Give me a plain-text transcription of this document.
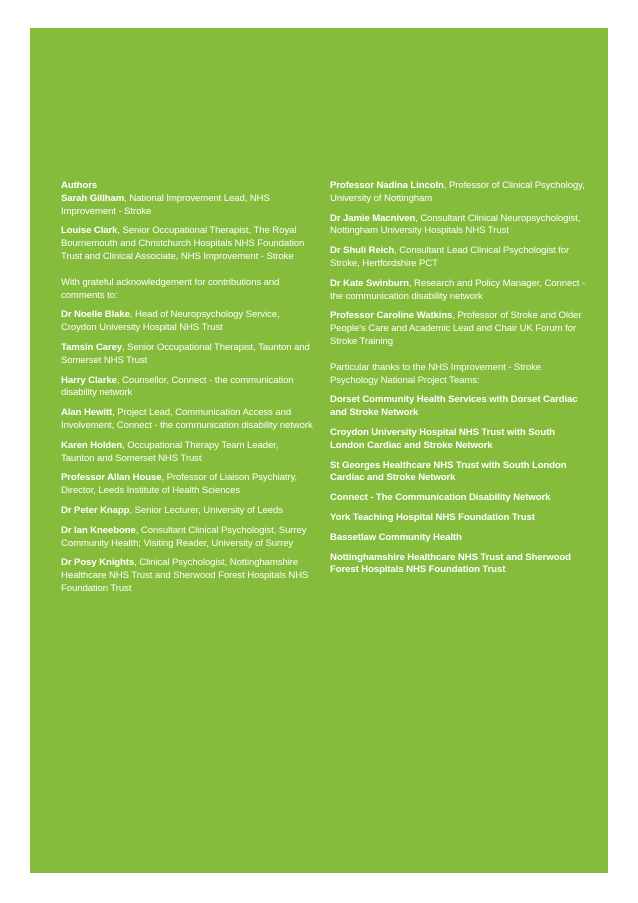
Authors
Sarah Gillham, National Improvement Lead, NHS Improvement - Stroke

Louise Clark, Senior Occupational Therapist, The Royal Bournemouth and Christchurch Hospitals NHS Foundation Trust and Clinical Associate, NHS Improvement - Stroke

With grateful acknowledgement for contributions and comments to:

Dr Noelle Blake, Head of Neuropsychology Service, Croydon University Hospital NHS Trust

Tamsin Carey, Senior Occupational Therapist, Taunton and Somerset NHS Trust

Harry Clarke, Counsellor, Connect - the communication disability network

Alan Hewitt, Project Lead, Communication Access and Involvement, Connect - the communication disability network

Karen Holden, Occupational Therapy Team Leader, Taunton and Somerset NHS Trust

Professor Allan House, Professor of Liaison Psychiatry, Director, Leeds Institute of Health Sciences

Dr Peter Knapp, Senior Lecturer, University of Leeds

Dr Ian Kneebone, Consultant Clinical Psychologist, Surrey Community Health; Visiting Reader, University of Surrey

Dr Posy Knights, Clinical Psychologist, Nottinghamshire Healthcare NHS Trust and Sherwood Forest Hospitals NHS Foundation Trust

Professor Nadina Lincoln, Professor of Clinical Psychology, University of Nottingham

Dr Jamie Macniven, Consultant Clinical Neuropsychologist, Nottingham University Hospitals NHS Trust

Dr Shuli Reich, Consultant Lead Clinical Psychologist for Stroke, Hertfordshire PCT

Dr Kate Swinburn, Research and Policy Manager, Connect - the communication disability network

Professor Caroline Watkins, Professor of Stroke and Older People's Care and Academic Lead and Chair UK Forum for Stroke Training

Particular thanks to the NHS Improvement - Stroke Psychology National Project Teams:

Dorset Community Health Services with Dorset Cardiac and Stroke Network

Croydon University Hospital NHS Trust with South London Cardiac and Stroke Network

St Georges Healthcare NHS Trust with South London Cardiac and Stroke Network

Connect - The Communication Disability Network

York Teaching Hospital NHS Foundation Trust

Bassetlaw Community Health

Nottinghamshire Healthcare NHS Trust and Sherwood Forest Hospitals NHS Foundation Trust
